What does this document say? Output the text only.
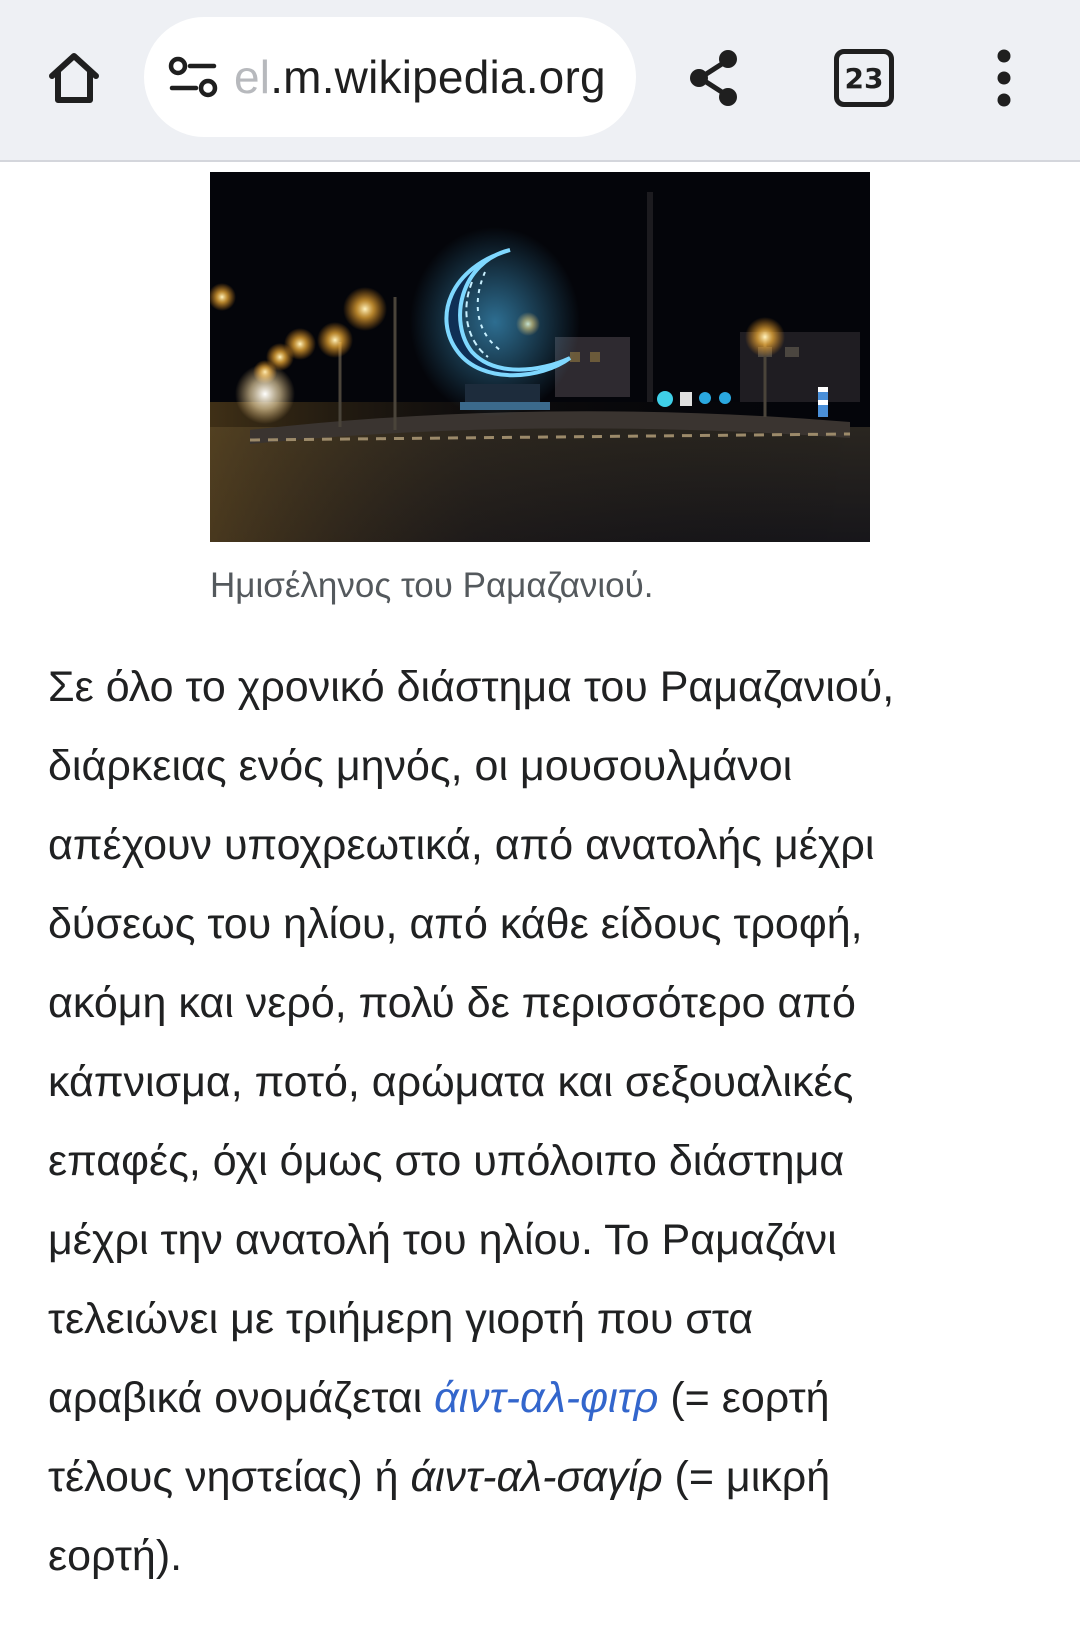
el.m.wikipedia.org	23
Ημισέληνος του Ραμαζανιού.

Σε όλο το χρονικό διάστημα του Ραμαζανιού,
διάρκειας ενός μηνός, οι μουσουλμάνοι
απέχουν υποχρεωτικά, από ανατολής μέχρι
δύσεως του ηλίου, από κάθε είδους τροφή,
ακόμη και νερό, πολύ δε περισσότερο από
κάπνισμα, ποτό, αρώματα και σεξουαλικές
επαφές, όχι όμως στο υπόλοιπο διάστημα
μέχρι την ανατολή του ηλίου. Το Ραμαζάνι
τελειώνει με τριήμερη γιορτή που στα
αραβικά ονομάζεται άιντ-αλ-φιτρ (= εορτή
τέλους νηστείας) ή άιντ-αλ-σαγίρ (= μικρή
εορτή).
